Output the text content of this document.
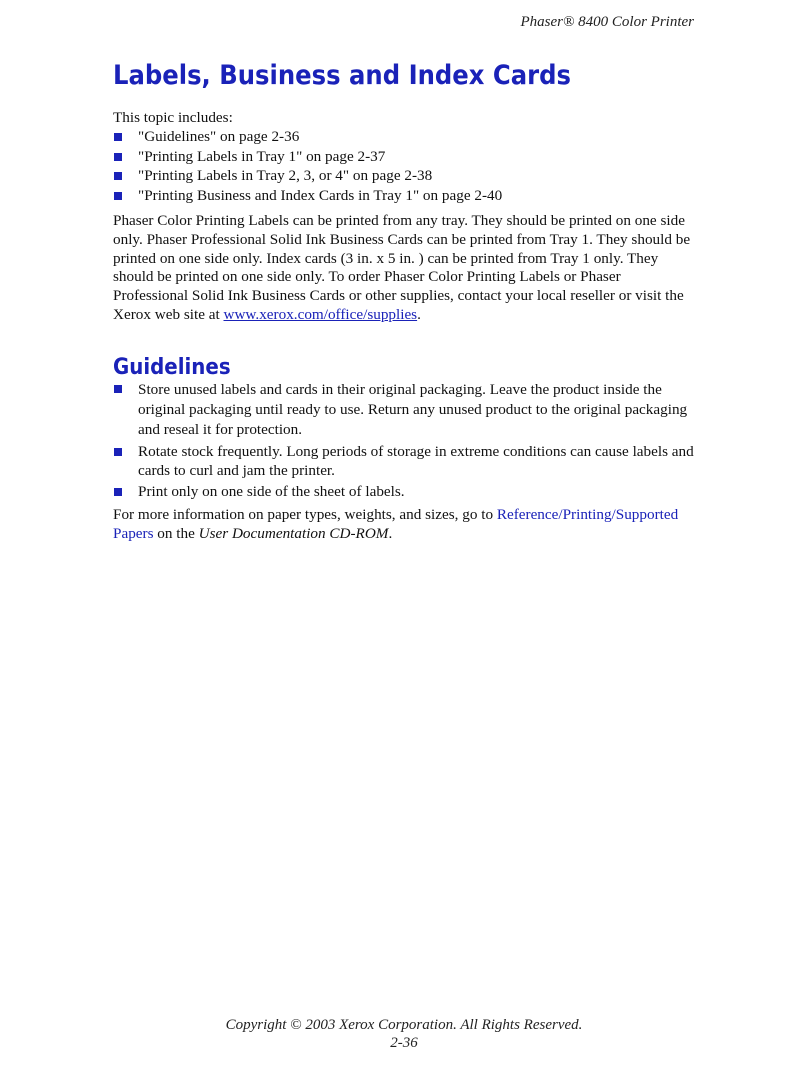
Phaser® 8400 Color Printer
Labels, Business and Index Cards

This topic includes:

"Guidelines" on page 2-36
"Printing Labels in Tray 1" on page 2-37
"Printing Labels in Tray 2, 3, or 4" on page 2-38
"Printing Business and Index Cards in Tray 1" on page 2-40

Phaser Color Printing Labels can be printed from any tray. They should be printed on one side only. Phaser Professional Solid Ink Business Cards can be printed from Tray 1. They should be printed on one side only. Index cards (3 in. x 5 in. ) can be printed from Tray 1 only. They should be printed on one side only. To order Phaser Color Printing Labels or Phaser Professional Solid Ink Business Cards or other supplies, contact your local reseller or visit the Xerox web site at www.xerox.com/office/supplies.

Guidelines
Store unused labels and cards in their original packaging. Leave the product inside the original packaging until ready to use. Return any unused product to the original packaging and reseal it for protection.
Rotate stock frequently. Long periods of storage in extreme conditions can cause labels and cards to curl and jam the printer.
Print only on one side of the sheet of labels.

For more information on paper types, weights, and sizes, go to Reference/Printing/Supported Papers on the User Documentation CD-ROM.

Copyright © 2003 Xerox Corporation. All Rights Reserved.
2-36
